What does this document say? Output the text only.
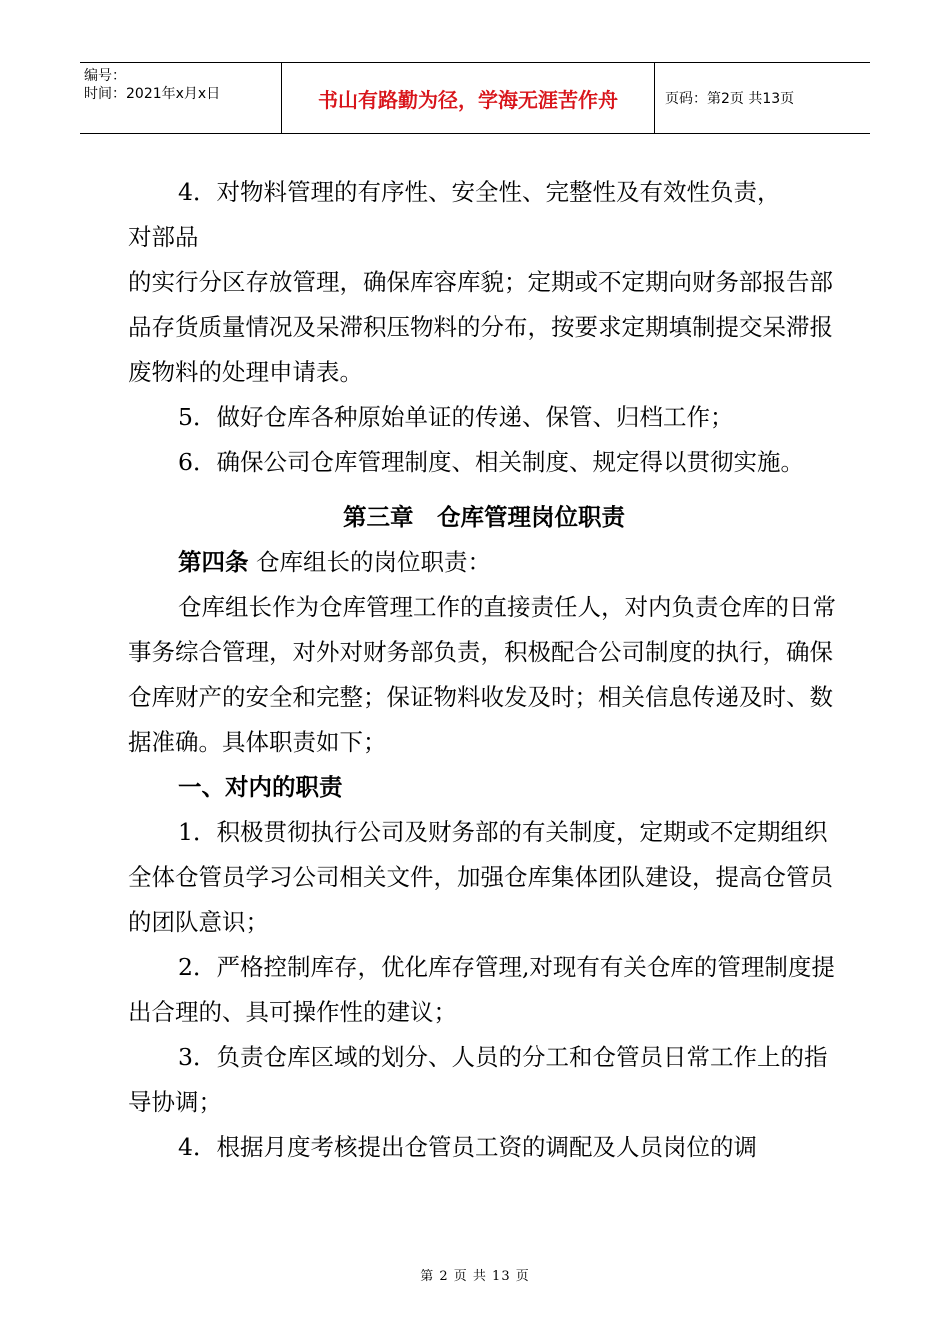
编号：
时间：2021年x月x日	书山有路勤为径，学海无涯苦作舟	页码：第2页 共13页

4．对物料管理的有序性、安全性、完整性及有效性负责，

对部品

的实行分区存放管理，确保库容库貌；定期或不定期向财务部报告部品存货质量情况及呆滞积压物料的分布，按要求定期填制提交呆滞报废物料的处理申请表。

5．做好仓库各种原始单证的传递、保管、归档工作；

6．确保公司仓库管理制度、相关制度、规定得以贯彻实施。

第三章　仓库管理岗位职责

第四条 仓库组长的岗位职责：

仓库组长作为仓库管理工作的直接责任人，对内负责仓库的日常事务综合管理，对外对财务部负责，积极配合公司制度的执行，确保仓库财产的安全和完整；保证物料收发及时；相关信息传递及时、数据准确。具体职责如下；

一、对内的职责

1．积极贯彻执行公司及财务部的有关制度，定期或不定期组织全体仓管员学习公司相关文件，加强仓库集体团队建设，提高仓管员的团队意识；

2．严格控制库存，优化库存管理,对现有有关仓库的管理制度提出合理的、具可操作性的建议；

3．负责仓库区域的划分、人员的分工和仓管员日常工作上的指导协调；

4．根据月度考核提出仓管员工资的调配及人员岗位的调

第 2 页 共 13 页
